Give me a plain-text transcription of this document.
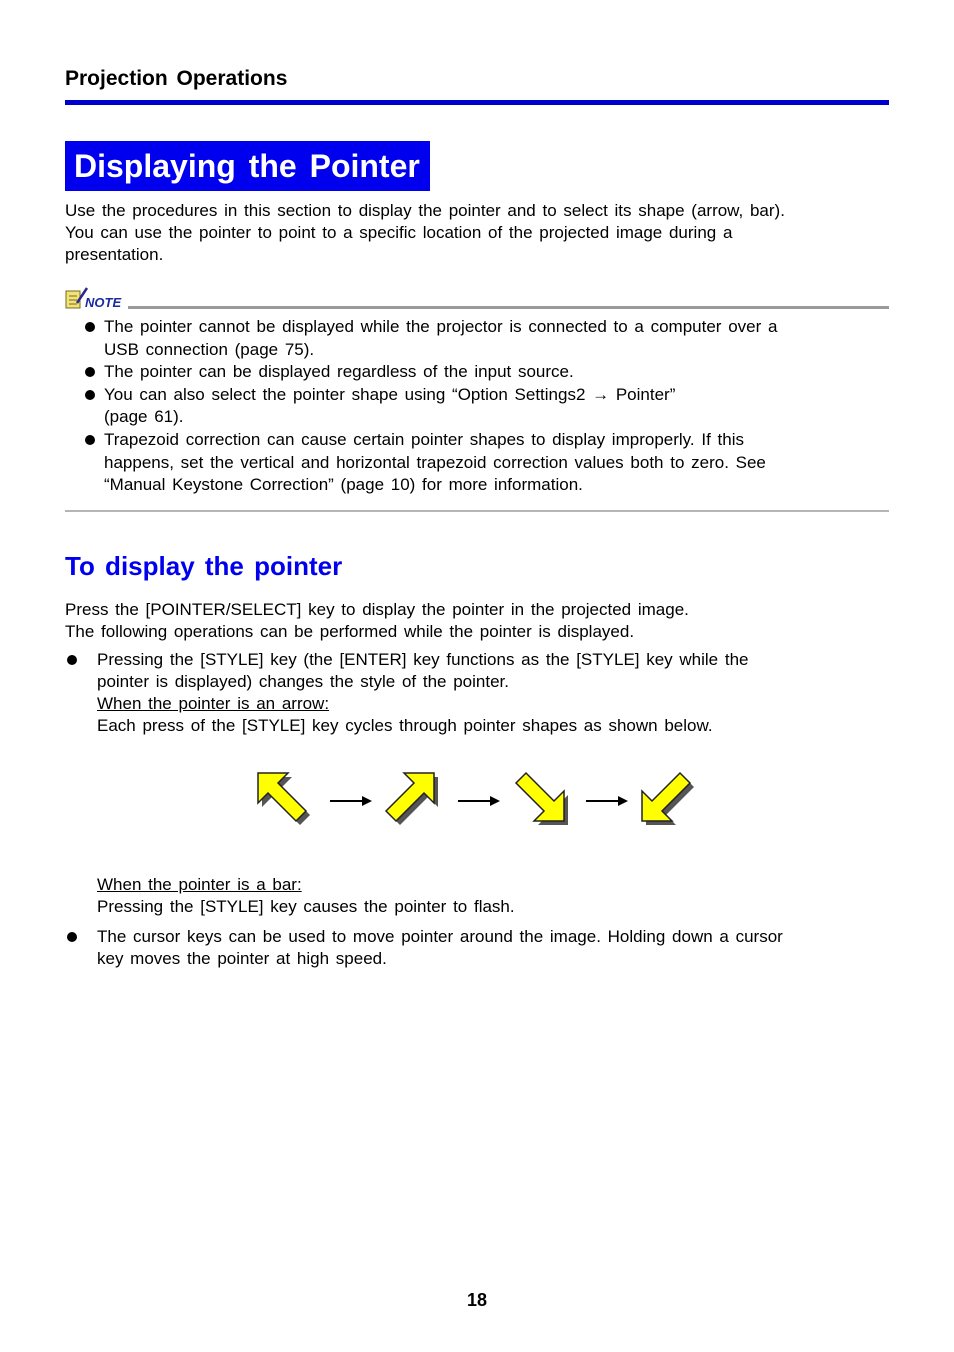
Projection Operations
Displaying the Pointer
Use the procedures in this section to display the pointer and to select its shape (arrow, bar).
You can use the pointer to point to a specific location of the projected image during a
presentation.
NOTE
The pointer cannot be displayed while the projector is connected to a computer over a
USB connection (page 75).
The pointer can be displayed regardless of the input source.
You can also select the pointer shape using “Option Settings2 → Pointer”
(page 61).
Trapezoid correction can cause certain pointer shapes to display improperly. If this
happens, set the vertical and horizontal trapezoid correction values both to zero. See
“Manual Keystone Correction” (page 10) for more information.
To display the pointer
Press the [POINTER/SELECT] key to display the pointer in the projected image.
The following operations can be performed while the pointer is displayed.
Pressing the [STYLE] key (the [ENTER] key functions as the [STYLE] key while the
pointer is displayed) changes the style of the pointer.
When the pointer is an arrow:
Each press of the [STYLE] key cycles through pointer shapes as shown below.
When the pointer is a bar:
Pressing the [STYLE] key causes the pointer to flash.
The cursor keys can be used to move pointer around the image. Holding down a cursor
key moves the pointer at high speed.
18
